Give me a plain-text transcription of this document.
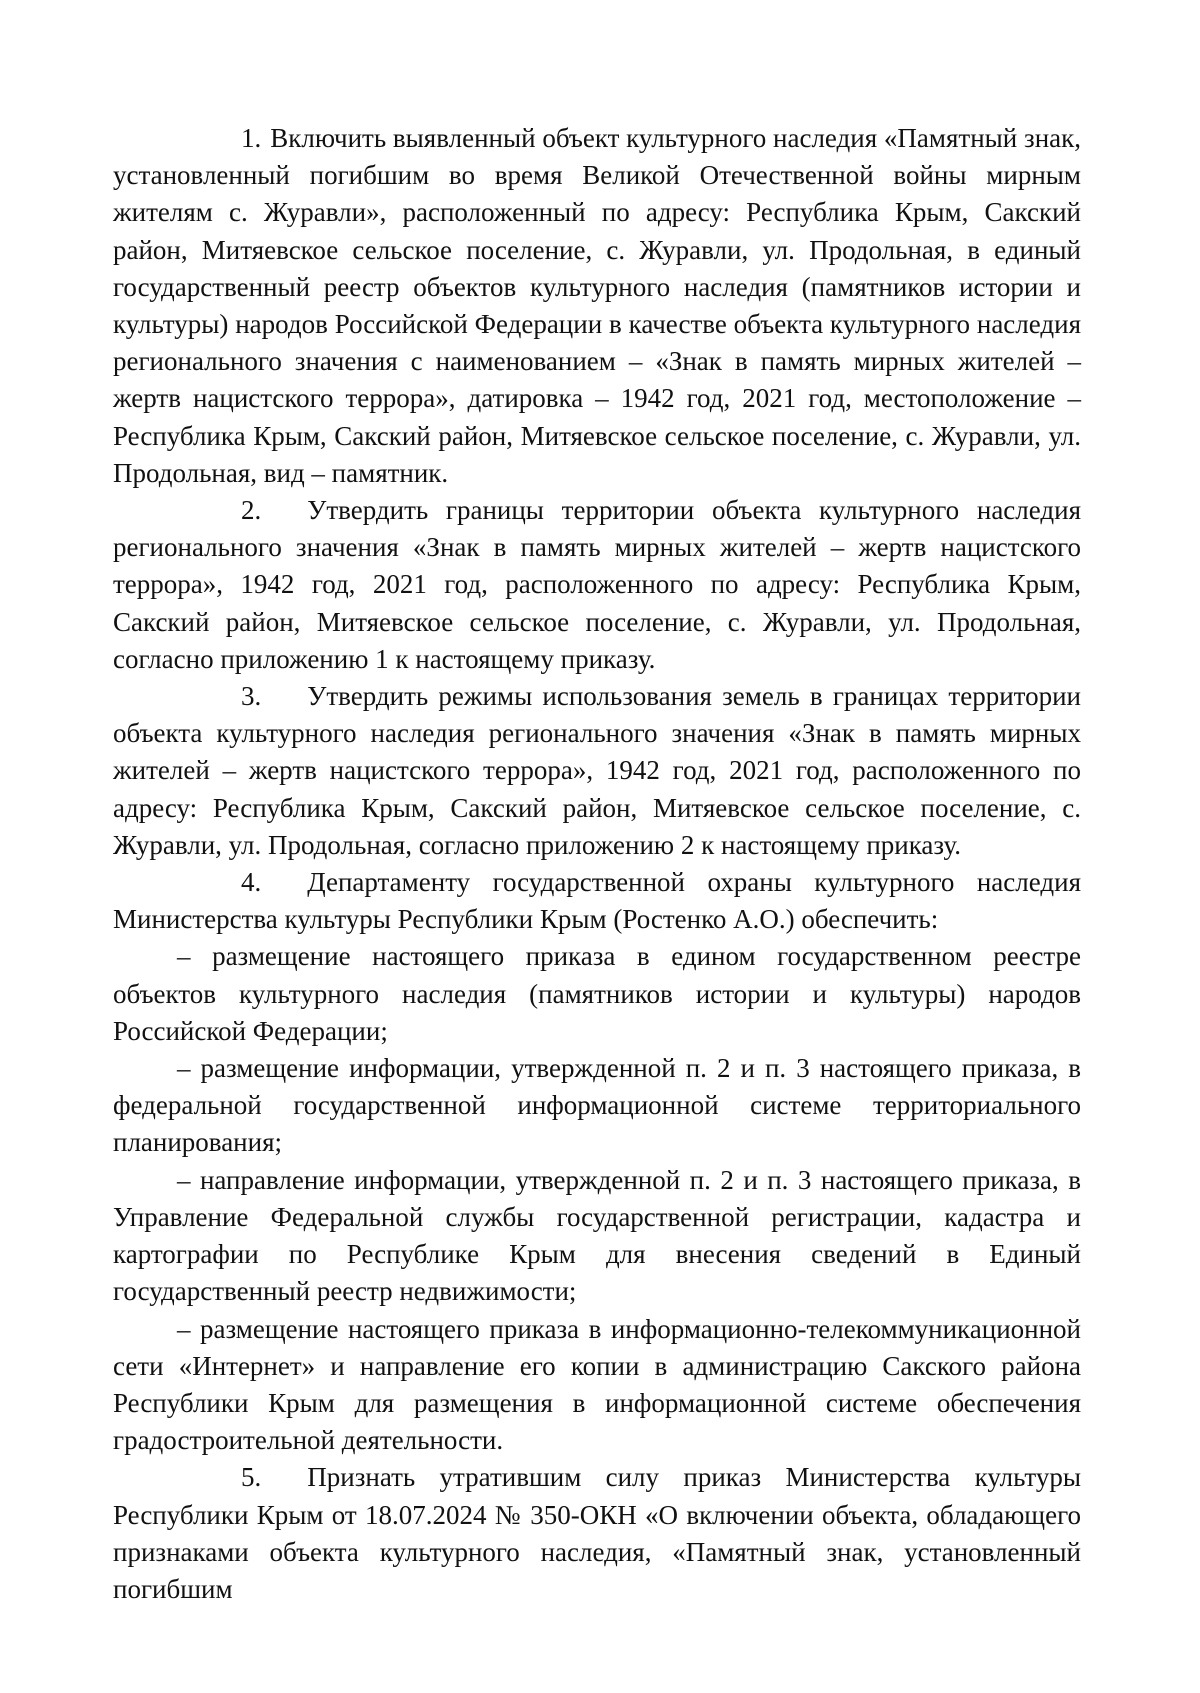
1. Включить выявленный объект культурного наследия «Памятный знак, установленный погибшим во время Великой Отечественной войны мирным жителям с. Журавли», расположенный по адресу: Республика Крым, Сакский район, Митяевское сельское поселение, с. Журавли, ул. Продольная, в единый государственный реестр объектов культурного наследия (памятников истории и культуры) народов Российской Федерации в качестве объекта культурного наследия регионального значения с наименованием – «Знак в память мирных жителей – жертв нацистского террора», датировка – 1942 год, 2021 год, местоположение – Республика Крым, Сакский район, Митяевское сельское поселение, с. Журавли, ул. Продольная, вид – памятник.

2. Утвердить границы территории объекта культурного наследия регионального значения «Знак в память мирных жителей – жертв нацистского террора», 1942 год, 2021 год, расположенного по адресу: Республика Крым, Сакский район, Митяевское сельское поселение, с. Журавли, ул. Продольная, согласно приложению 1 к настоящему приказу.

3. Утвердить режимы использования земель в границах территории объекта культурного наследия регионального значения «Знак в память мирных жителей – жертв нацистского террора», 1942 год, 2021 год, расположенного по адресу: Республика Крым, Сакский район, Митяевское сельское поселение, с. Журавли, ул. Продольная, согласно приложению 2 к настоящему приказу.

4. Департаменту государственной охраны культурного наследия Министерства культуры Республики Крым (Ростенко А.О.) обеспечить:

– размещение настоящего приказа в едином государственном реестре объектов культурного наследия (памятников истории и культуры) народов Российской Федерации;

– размещение информации, утвержденной п. 2 и п. 3 настоящего приказа, в федеральной государственной информационной системе территориального планирования;

– направление информации, утвержденной п. 2 и п. 3 настоящего приказа, в Управление Федеральной службы государственной регистрации, кадастра и картографии по Республике Крым для внесения сведений в Единый государственный реестр недвижимости;

– размещение настоящего приказа в информационно-телекоммуникационной сети «Интернет» и направление его копии в администрацию Сакского района Республики Крым для размещения в информационной системе обеспечения градостроительной деятельности.

5. Признать утратившим силу приказ Министерства культуры Республики Крым от 18.07.2024 № 350-ОКН «О включении объекта, обладающего признаками объекта культурного наследия, «Памятный знак, установленный погибшим
